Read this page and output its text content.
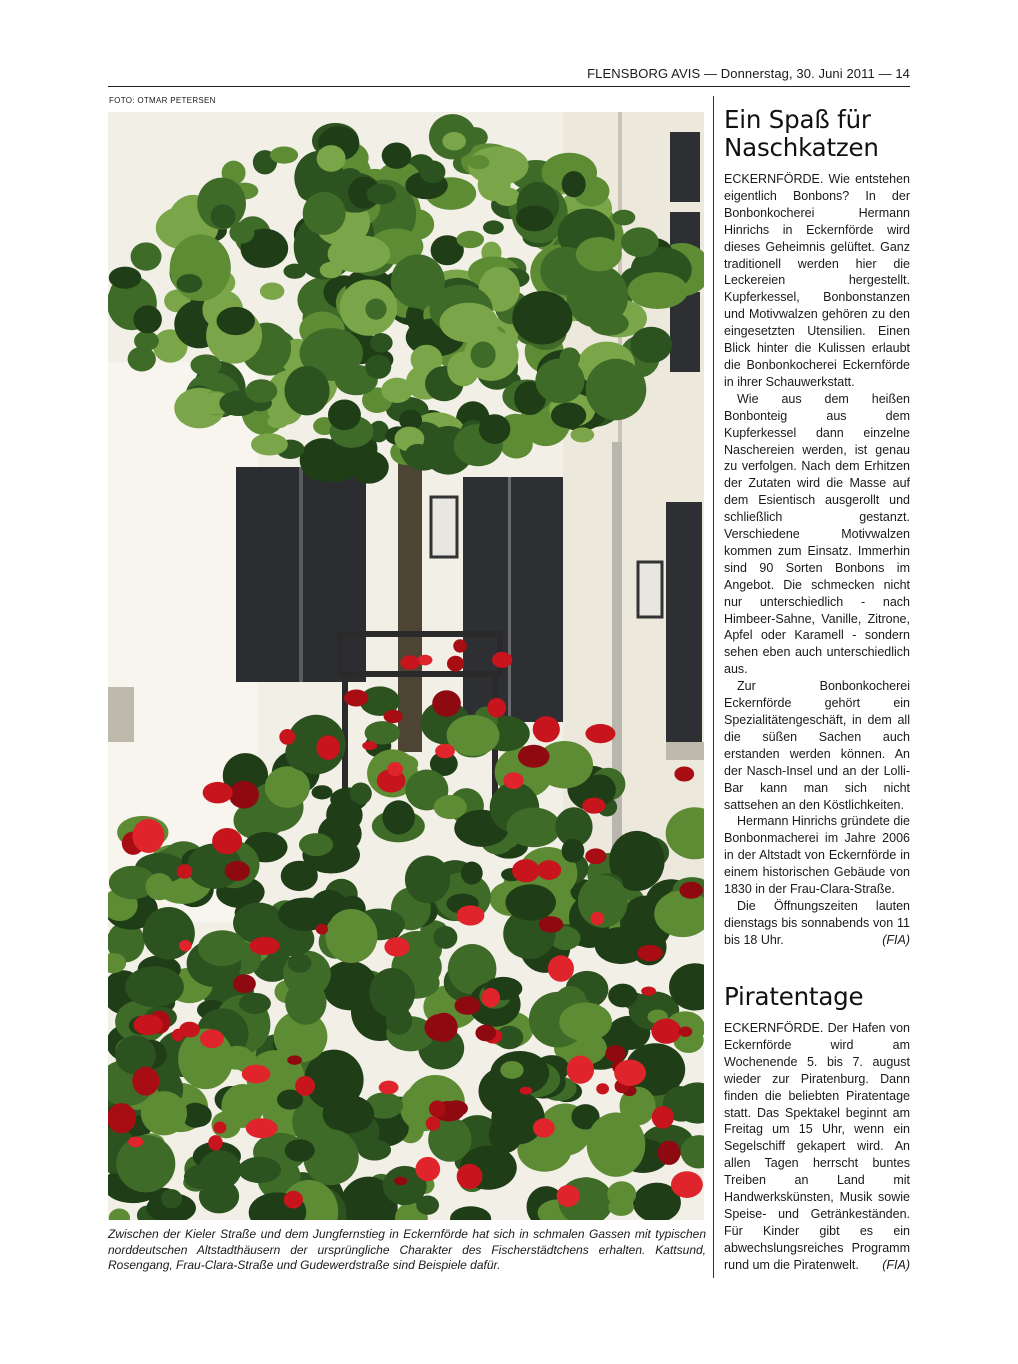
FLENSBORG AVIS — Donnerstag, 30. Juni 2011 — 14
FOTO: OTMAR PETERSEN
Zwischen der Kieler Straße und dem Jungfernstieg in Eckernförde hat sich in schmalen Gassen mit typischen norddeutschen Altstadthäusern der ursprüngliche Charakter des Fischerstädtchens erhalten. Kattsund, Rosengang, Frau-Clara-Straße und Gudewerdstraße sind Beispiele dafür.
Ein Spaß für Naschkatzen

ECKERNFÖRDE. Wie entstehen eigentlich Bonbons? In der Bonbonkocherei Hermann Hinrichs in Eckernförde wird dieses Geheimnis gelüftet. Ganz traditionell werden hier die Leckereien hergestellt. Kupferkessel, Bonbonstanzen und Motivwalzen gehören zu den eingesetzten Utensilien. Einen Blick hinter die Kulissen erlaubt die Bonbonkocherei Eckernförde in ihrer Schauwerkstatt.

Wie aus dem heißen Bonbonteig aus dem Kupferkessel dann einzelne Naschereien werden, ist genau zu verfolgen. Nach dem Erhitzen der Zutaten wird die Masse auf dem Esientisch ausgerollt und schließlich gestanzt. Verschiedene Motivwalzen kommen zum Einsatz. Immerhin sind 90 Sorten Bonbons im Angebot. Die schmecken nicht nur unterschiedlich - nach Himbeer-Sahne, Vanille, Zitrone, Apfel oder Karamell - sondern sehen eben auch unterschiedlich aus.

Zur Bonbonkocherei Eckernförde gehört ein Spezialitätengeschäft, in dem all die süßen Sachen auch erstanden werden können. An der Nasch-Insel und an der Lolli-Bar kann man sich nicht sattsehen an den Köstlichkeiten.

Hermann Hinrichs gründete die Bonbonmacherei im Jahre 2006 in der Altstadt von Eckernförde in einem historischen Gebäude von 1830 in der Frau-Clara-Straße.

Die Öffnungszeiten lauten dienstags bis sonnabends von 11 bis 18 Uhr.	(FIA)

Piratentage

ECKERNFÖRDE. Der Hafen von Eckernförde wird am Wochenende 5. bis 7. august wieder zur Piratenburg. Dann finden die beliebten Piratentage statt. Das Spektakel beginnt am Freitag um 15 Uhr, wenn ein Segelschiff gekapert wird. An allen Tagen herrscht buntes Treiben an Land mit Handwerkskünsten, Musik sowie Speise- und Getränkeständen. Für Kinder gibt es ein abwechslungsreiches Programm rund um die Piratenwelt. (FIA)
